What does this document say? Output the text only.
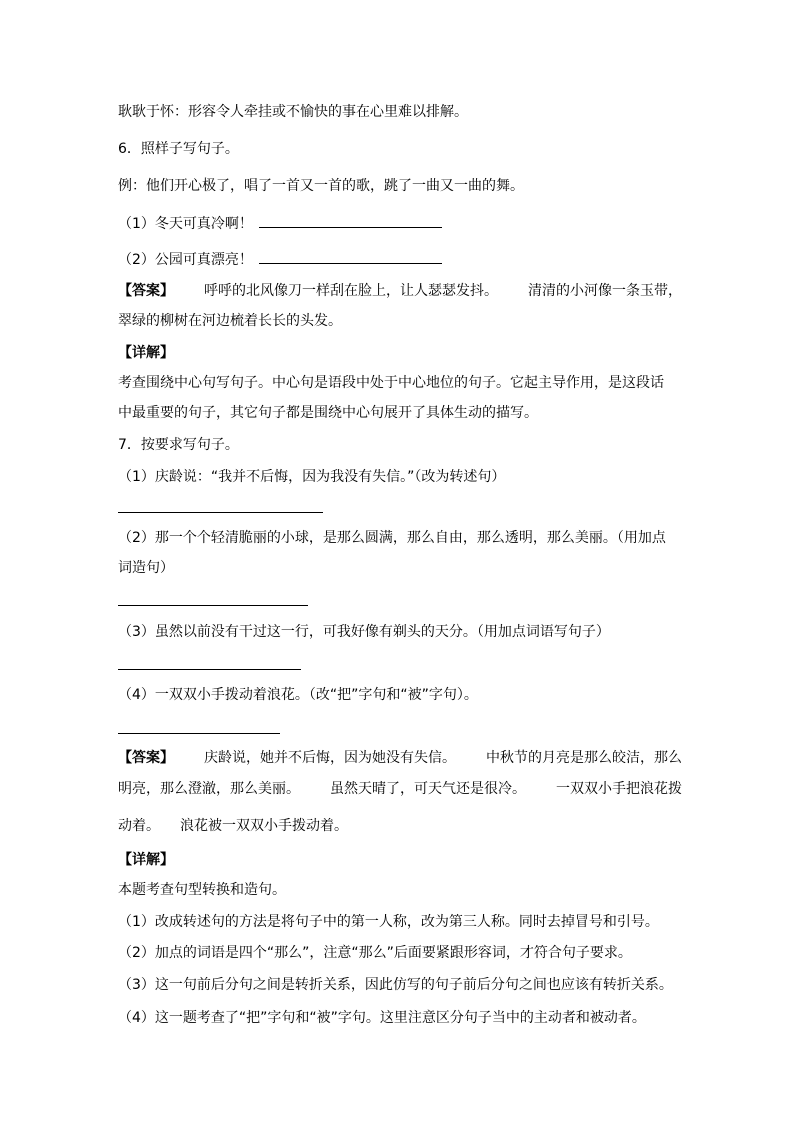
耿耿于怀：形容令人牵挂或不愉快的事在心里难以排解。
6．照样子写句子。
例：他们开心极了，唱了一首又一首的歌，跳了一曲又一曲的舞。
（1）冬天可真冷啊！
（2）公园可真漂亮！
【答案】 呼呼的北风像刀一样刮在脸上，让人瑟瑟发抖。 清清的小河像一条玉带，
翠绿的柳树在河边梳着长长的头发。
【详解】
考查围绕中心句写句子。中心句是语段中处于中心地位的句子。它起主导作用，是这段话
中最重要的句子，其它句子都是围绕中心句展开了具体生动的描写。
7．按要求写句子。
（1）庆龄说：“我并不后悔，因为我没有失信。”（改为转述句）
（2）那一个个轻清脆丽的小球，是那么圆满，那么自由，那么透明，那么美丽。（用加点
词造句）
（3）虽然以前没有干过这一行，可我好像有剃头的天分。（用加点词语写句子）
（4）一双双小手拨动着浪花。（改“把”字句和“被”字句）。
【答案】 庆龄说，她并不后悔，因为她没有失信。 中秋节的月亮是那么皎洁，那么
明亮，那么澄澈，那么美丽。 虽然天晴了，可天气还是很冷。 一双双小手把浪花拨
动着。 浪花被一双双小手拨动着。
【详解】
本题考查句型转换和造句。
（1）改成转述句的方法是将句子中的第一人称，改为第三人称。同时去掉冒号和引号。
（2）加点的词语是四个“那么”，注意“那么”后面要紧跟形容词，才符合句子要求。
（3）这一句前后分句之间是转折关系，因此仿写的句子前后分句之间也应该有转折关系。
（4）这一题考查了“把”字句和“被”字句。这里注意区分句子当中的主动者和被动者。
